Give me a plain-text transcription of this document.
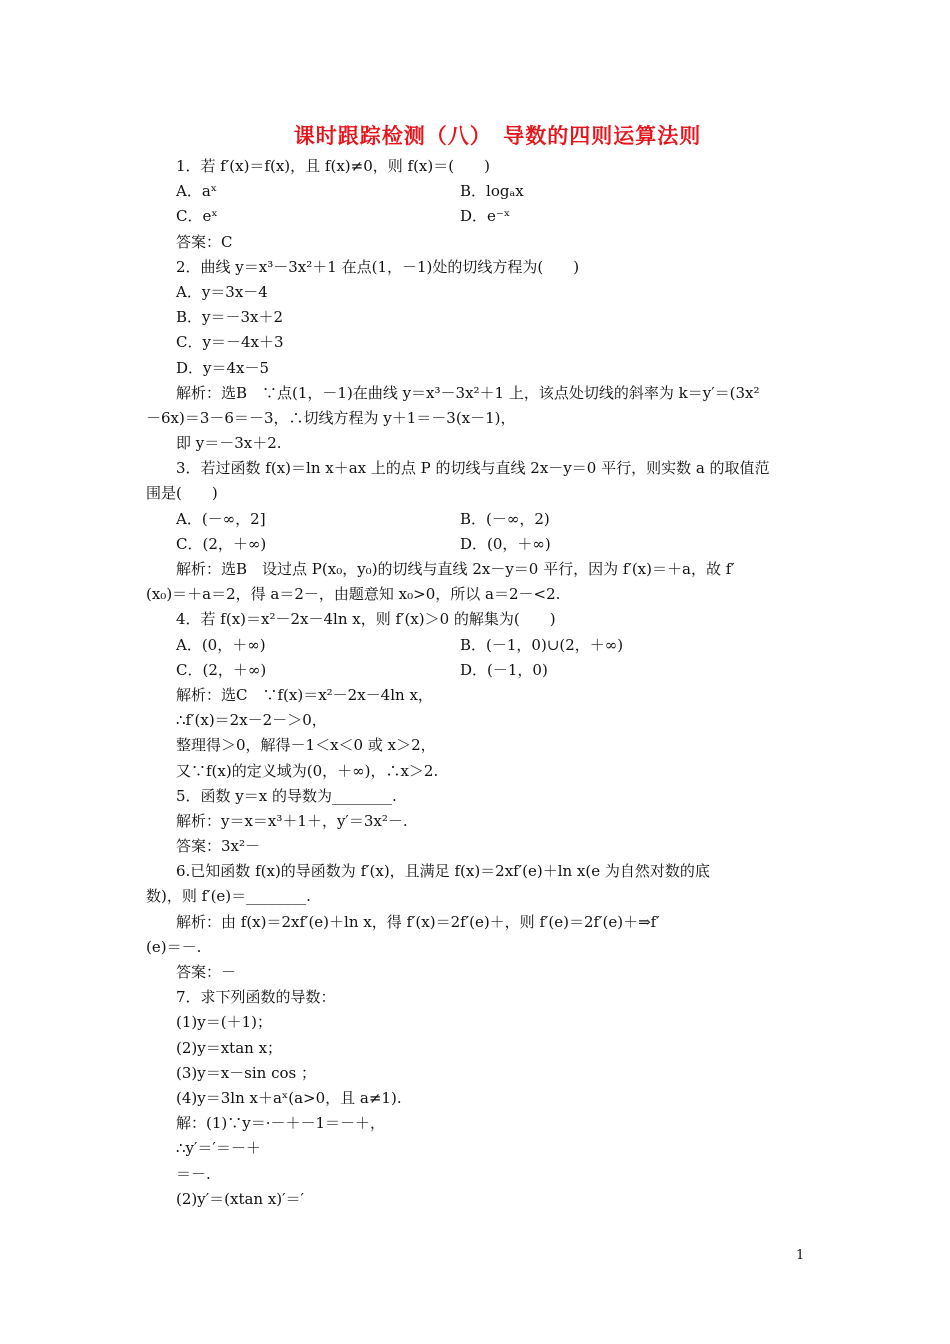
课时跟踪检测（八）　导数的四则运算法则
1．若 f′(x)＝f(x)，且 f(x)≠0，则 f(x)＝(　　)
A．aˣ	B．logₐx
C．eˣ	D．e⁻ˣ
答案：C
2．曲线 y＝x³－3x²＋1 在点(1，－1)处的切线方程为(　　)
A．y＝3x－4
B．y＝－3x＋2
C．y＝－4x＋3
D．y＝4x－5
解析：选B　∵点(1，－1)在曲线 y＝x³－3x²＋1 上，该点处切线的斜率为 k＝y′＝(3x²
－6x)＝3－6＝－3，∴切线方程为 y＋1＝－3(x－1)，
即 y＝－3x＋2.
3．若过函数 f(x)＝ln x＋ax 上的点 P 的切线与直线 2x－y＝0 平行，则实数 a 的取值范
围是(　　)
A．(－∞，2]	B．(－∞，2)
C．(2，＋∞)	D．(0，＋∞)
解析：选B　设过点 P(x₀，y₀)的切线与直线 2x－y＝0 平行，因为 f′(x)＝＋a，故 f′
(x₀)＝＋a＝2，得 a＝2－，由题意知 x₀>0，所以 a＝2－<2.
4．若 f(x)＝x²－2x－4ln x，则 f′(x)＞0 的解集为(　　)
A．(0，＋∞)	B．(－1，0)∪(2，＋∞)
C．(2，＋∞)	D．(－1，0)
解析：选C　∵f(x)＝x²－2x－4ln x，
∴f′(x)＝2x－2－＞0，
整理得＞0，解得－1＜x＜0 或 x＞2，
又∵f(x)的定义域为(0，＋∞)，∴x＞2.
5．函数 y＝x 的导数为________.
解析：y＝x＝x³＋1＋，y′＝3x²－.
答案：3x²－
6.已知函数 f(x)的导函数为 f′(x)，且满足 f(x)＝2xf′(e)＋ln x(e 为自然对数的底
数)，则 f′(e)＝________.
解析：由 f(x)＝2xf′(e)＋ln x，得 f′(x)＝2f′(e)＋，则 f′(e)＝2f′(e)＋⇒f′
(e)＝－.
答案：－
7．求下列函数的导数：
(1)y＝(＋1)；
(2)y＝xtan x；
(3)y＝x－sin cos ；
(4)y＝3ln x＋aˣ(a>0，且 a≠1).
解：(1)∵y＝·－＋－1＝－＋，
∴y′＝′＝－＋
＝－.
(2)y′＝(xtan x)′＝′
1
